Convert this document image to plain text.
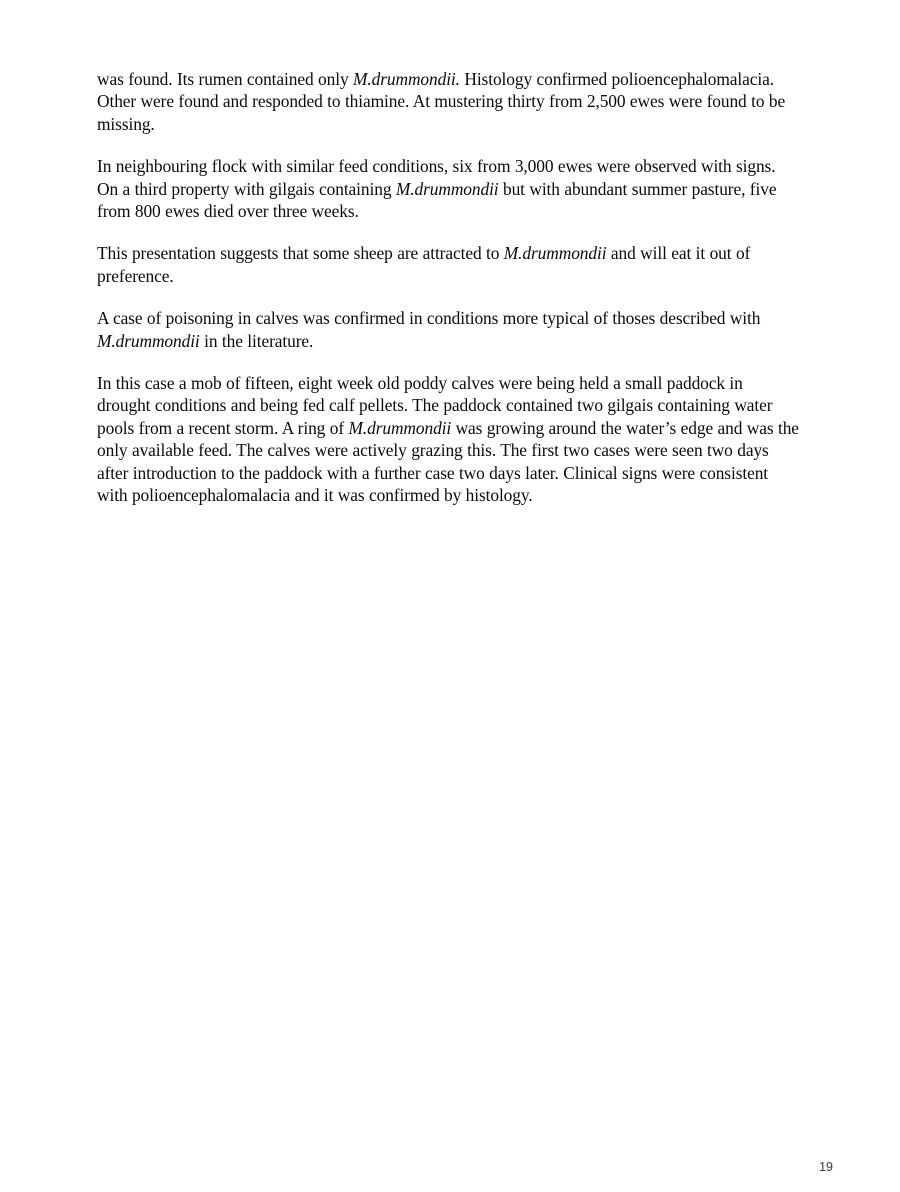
was found. Its rumen contained only M.drummondii. Histology confirmed polioencephalomalacia. Other were found and responded to thiamine. At mustering thirty from 2,500 ewes were found to be missing.

In neighbouring flock with similar feed conditions, six from 3,000 ewes were observed with signs. On a third property with gilgais containing M.drummondii but with abundant summer pasture, five from 800 ewes died over three weeks.

This presentation suggests that some sheep are attracted to M.drummondii and will eat it out of preference.

A case of poisoning in calves was confirmed in conditions more typical of thoses described with M.drummondii in the literature.

In this case a mob of fifteen, eight week old poddy calves were being held a small paddock in drought conditions and being fed calf pellets. The paddock contained two gilgais containing water pools from a recent storm. A ring of M.drummondii was growing around the water’s edge and was the only available feed. The calves were actively grazing this. The first two cases were seen two days after introduction to the paddock with a further case two days later. Clinical signs were consistent with polioencephalomalacia and it was confirmed by histology.

19
